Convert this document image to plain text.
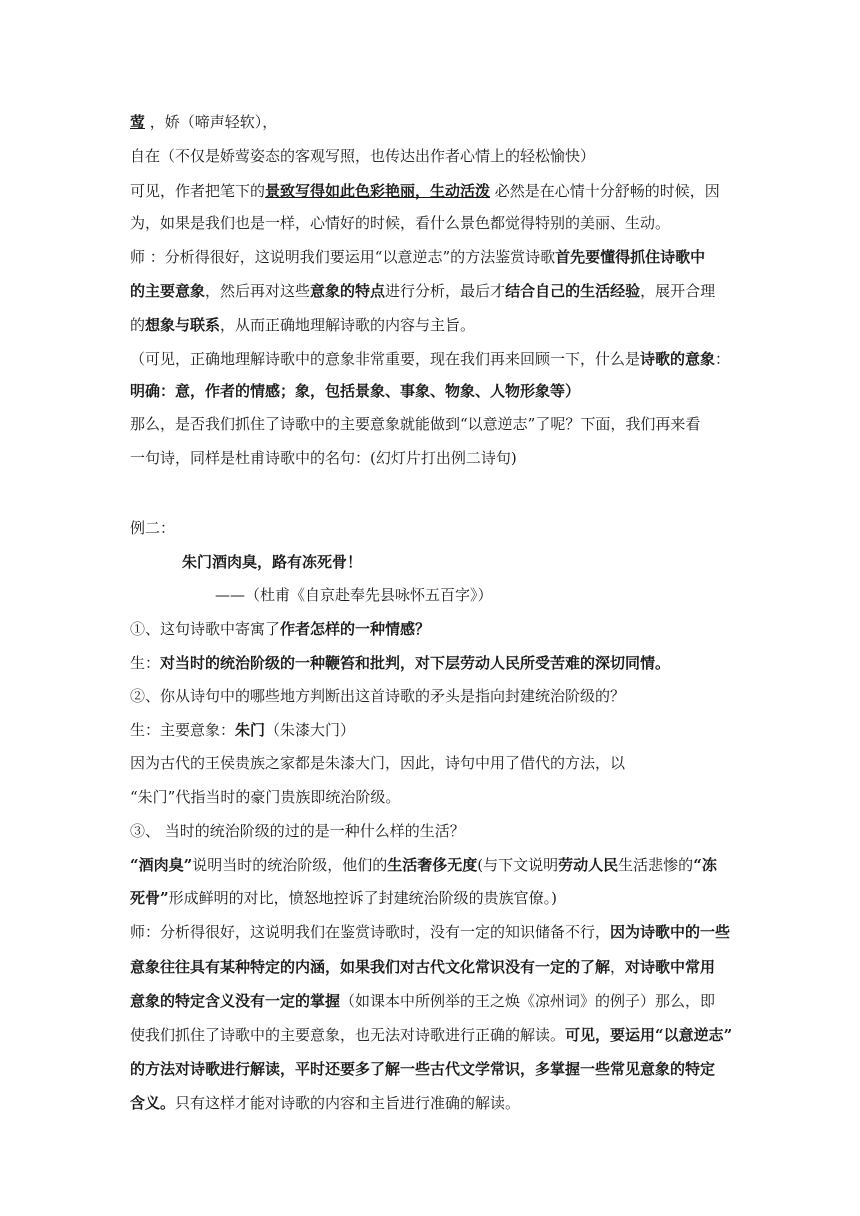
莺 ，娇（啼声轻软），
自在（不仅是娇莺姿态的客观写照，也传达出作者心情上的轻松愉快）
可见，作者把笔下的景致写得如此色彩艳丽，生动活泼 必然是在心情十分舒畅的时候，因
为，如果是我们也是一样，心情好的时候，看什么景色都觉得特别的美丽、生动。
师 ：分析得很好，这说明我们要运用“以意逆志”的方法鉴赏诗歌首先要懂得抓住诗歌中
的主要意象，然后再对这些意象的特点进行分析，最后才结合自己的生活经验，展开合理
的想象与联系，从而正确地理解诗歌的内容与主旨。
（可见，正确地理解诗歌中的意象非常重要，现在我们再来回顾一下，什么是诗歌的意象：
明确：意，作者的情感；象，包括景象、事象、物象、人物形象等）
那么，是否我们抓住了诗歌中的主要意象就能做到“以意逆志”了呢？下面，我们再来看
一句诗，同样是杜甫诗歌中的名句：(幻灯片打出例二诗句)
例二：
朱门酒肉臭，路有冻死骨！
——（杜甫《自京赴奉先县咏怀五百字》）
①、这句诗歌中寄寓了作者怎样的一种情感？
生：对当时的统治阶级的一种鞭笞和批判，对下层劳动人民所受苦难的深切同情。
②、你从诗句中的哪些地方判断出这首诗歌的矛头是指向封建统治阶级的？
生：主要意象：朱门（朱漆大门）
因为古代的王侯贵族之家都是朱漆大门，因此，诗句中用了借代的方法，以
“朱门”代指当时的豪门贵族即统治阶级。
③、 当时的统治阶级的过的是一种什么样的生活？
“酒肉臭”说明当时的统治阶级，他们的生活奢侈无度(与下文说明劳动人民生活悲惨的“冻
死骨”形成鲜明的对比，愤怒地控诉了封建统治阶级的贵族官僚。)
师：分析得很好，这说明我们在鉴赏诗歌时，没有一定的知识储备不行，因为诗歌中的一些
意象往往具有某种特定的内涵，如果我们对古代文化常识没有一定的了解，对诗歌中常用
意象的特定含义没有一定的掌握（如课本中所例举的王之焕《凉州词》的例子）那么，即
使我们抓住了诗歌中的主要意象，也无法对诗歌进行正确的解读。可见，要运用“以意逆志”
的方法对诗歌进行解读，平时还要多了解一些古代文学常识，多掌握一些常见意象的特定
含义。只有这样才能对诗歌的内容和主旨进行准确的解读。
